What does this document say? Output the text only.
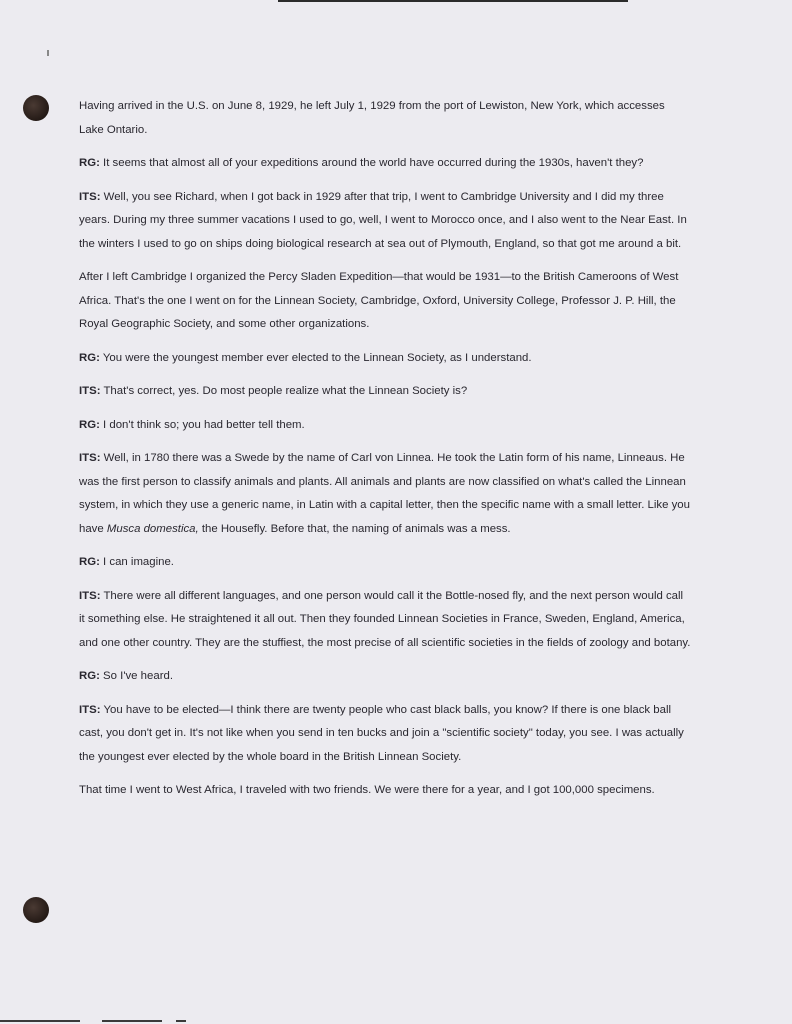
Having arrived in the U.S. on June 8, 1929, he left July 1, 1929 from the port of Lewiston, New York, which accesses Lake Ontario.

RG: It seems that almost all of your expeditions around the world have occurred during the 1930s, haven't they?

ITS: Well, you see Richard, when I got back in 1929 after that trip, I went to Cambridge University and I did my three years. During my three summer vacations I used to go, well, I went to Morocco once, and I also went to the Near East. In the winters I used to go on ships doing biological research at sea out of Plymouth, England, so that got me around a bit.

After I left Cambridge I organized the Percy Sladen Expedition—that would be 1931—to the British Cameroons of West Africa. That's the one I went on for the Linnean Society, Cambridge, Oxford, University College, Professor J. P. Hill, the Royal Geographic Society, and some other organizations.

RG: You were the youngest member ever elected to the Linnean Society, as I understand.

ITS: That's correct, yes. Do most people realize what the Linnean Society is?

RG: I don't think so; you had better tell them.

ITS: Well, in 1780 there was a Swede by the name of Carl von Linnea. He took the Latin form of his name, Linneaus. He was the first person to classify animals and plants. All animals and plants are now classified on what's called the Linnean system, in which they use a generic name, in Latin with a capital letter, then the specific name with a small letter. Like you have Musca domestica, the Housefly. Before that, the naming of animals was a mess.

RG: I can imagine.

ITS: There were all different languages, and one person would call it the Bottle-nosed fly, and the next person would call it something else. He straightened it all out. Then they founded Linnean Societies in France, Sweden, England, America, and one other country. They are the stuffiest, the most precise of all scientific societies in the fields of zoology and botany.

RG: So I've heard.

ITS: You have to be elected—I think there are twenty people who cast black balls, you know? If there is one black ball cast, you don't get in. It's not like when you send in ten bucks and join a "scientific society" today, you see. I was actually the youngest ever elected by the whole board in the British Linnean Society.

That time I went to West Africa, I traveled with two friends. We were there for a year, and I got 100,000 specimens.
